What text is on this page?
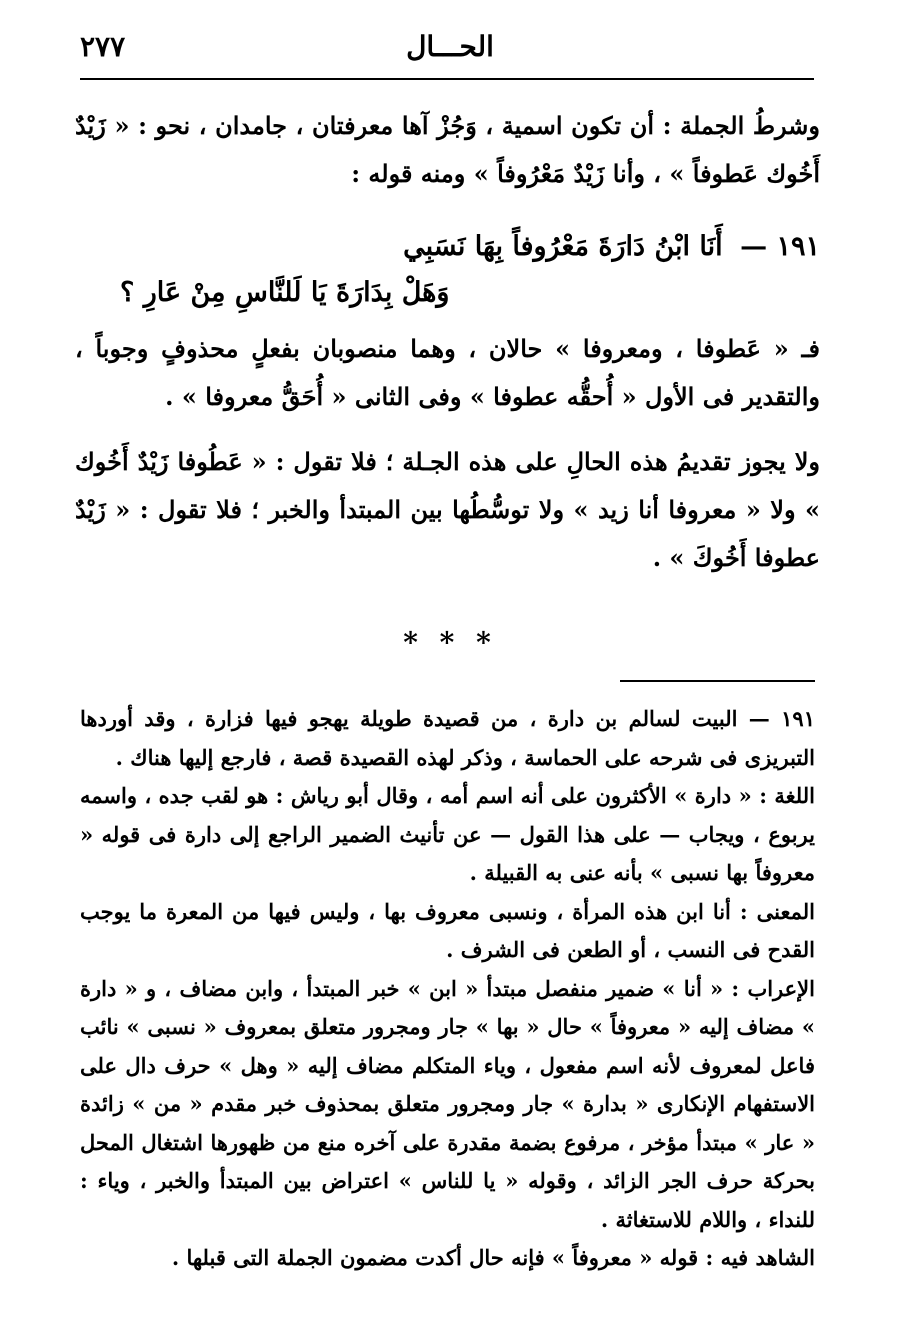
الحـــال
٢٧٧
وشرطُ الجملة : أن تكون اسمية ، وَجُزْ آها معرفتان ، جامدان ، نحو : « زَيْدٌ أَخُوك عَطوفاً » ، وأنا زَيْدٌ مَعْرُوفاً » ومنه قوله :
١٩١ — أَنَا ابْنُ دَارَةَ مَعْرُوفاً بِهَا نَسَبِي
وَهَلْ بِدَارَةَ يَا لَلنَّاسِ مِنْ عَارِ ؟
فـ « عَطوفا ، ومعروفا » حالان ، وهما منصوبان بفعلٍ محذوفٍ وجوباً ، والتقدير فى الأول « أُحقُّه عطوفا » وفى الثانى « أُحَقُّ معروفا » .
ولا يجوز تقديمُ هذه الحالِ على هذه الجـلة ؛ فلا تقول : « عَطُوفا زَيْدٌ أَخُوك » ولا « معروفا أنا زيد » ولا توسُّطُها بين المبتدأ والخبر ؛ فلا تقول : « زَيْدٌ عطوفا أَخُوكَ » .
* * *

١٩١ — البيت لسالم بن دارة ، من قصيدة طويلة يهجو فيها فزارة ، وقد أوردها التبريزى فى شرحه على الحماسة ، وذكر لهذه القصيدة قصة ، فارجع إليها هناك .

اللغة : « دارة » الأكثرون على أنه اسم أمه ، وقال أبو رياش : هو لقب جده ، واسمه يربوع ، ويجاب — على هذا القول — عن تأنيث الضمير الراجع إلى دارة فى قوله « معروفاً بها نسبى » بأنه عنى به القبيلة .

المعنى : أنا ابن هذه المرأة ، ونسبى معروف بها ، وليس فيها من المعرة ما يوجب القدح فى النسب ، أو الطعن فى الشرف .

الإعراب : « أنا » ضمير منفصل مبتدأ « ابن » خبر المبتدأ ، وابن مضاف ، و « دارة » مضاف إليه « معروفاً » حال « بها » جار ومجرور متعلق بمعروف « نسبى » نائب فاعل لمعروف لأنه اسم مفعول ، وياء المتكلم مضاف إليه « وهل » حرف دال على الاستفهام الإنكارى « بدارة » جار ومجرور متعلق بمحذوف خبر مقدم « من » زائدة « عار » مبتدأ مؤخر ، مرفوع بضمة مقدرة على آخره منع من ظهورها اشتغال المحل بحركة حرف الجر الزائد ، وقوله « يا للناس » اعتراض بين المبتدأ والخبر ، وياء : للنداء ، واللام للاستغاثة .

الشاهد فيه : قوله « معروفاً » فإنه حال أكدت مضمون الجملة التى قبلها .
